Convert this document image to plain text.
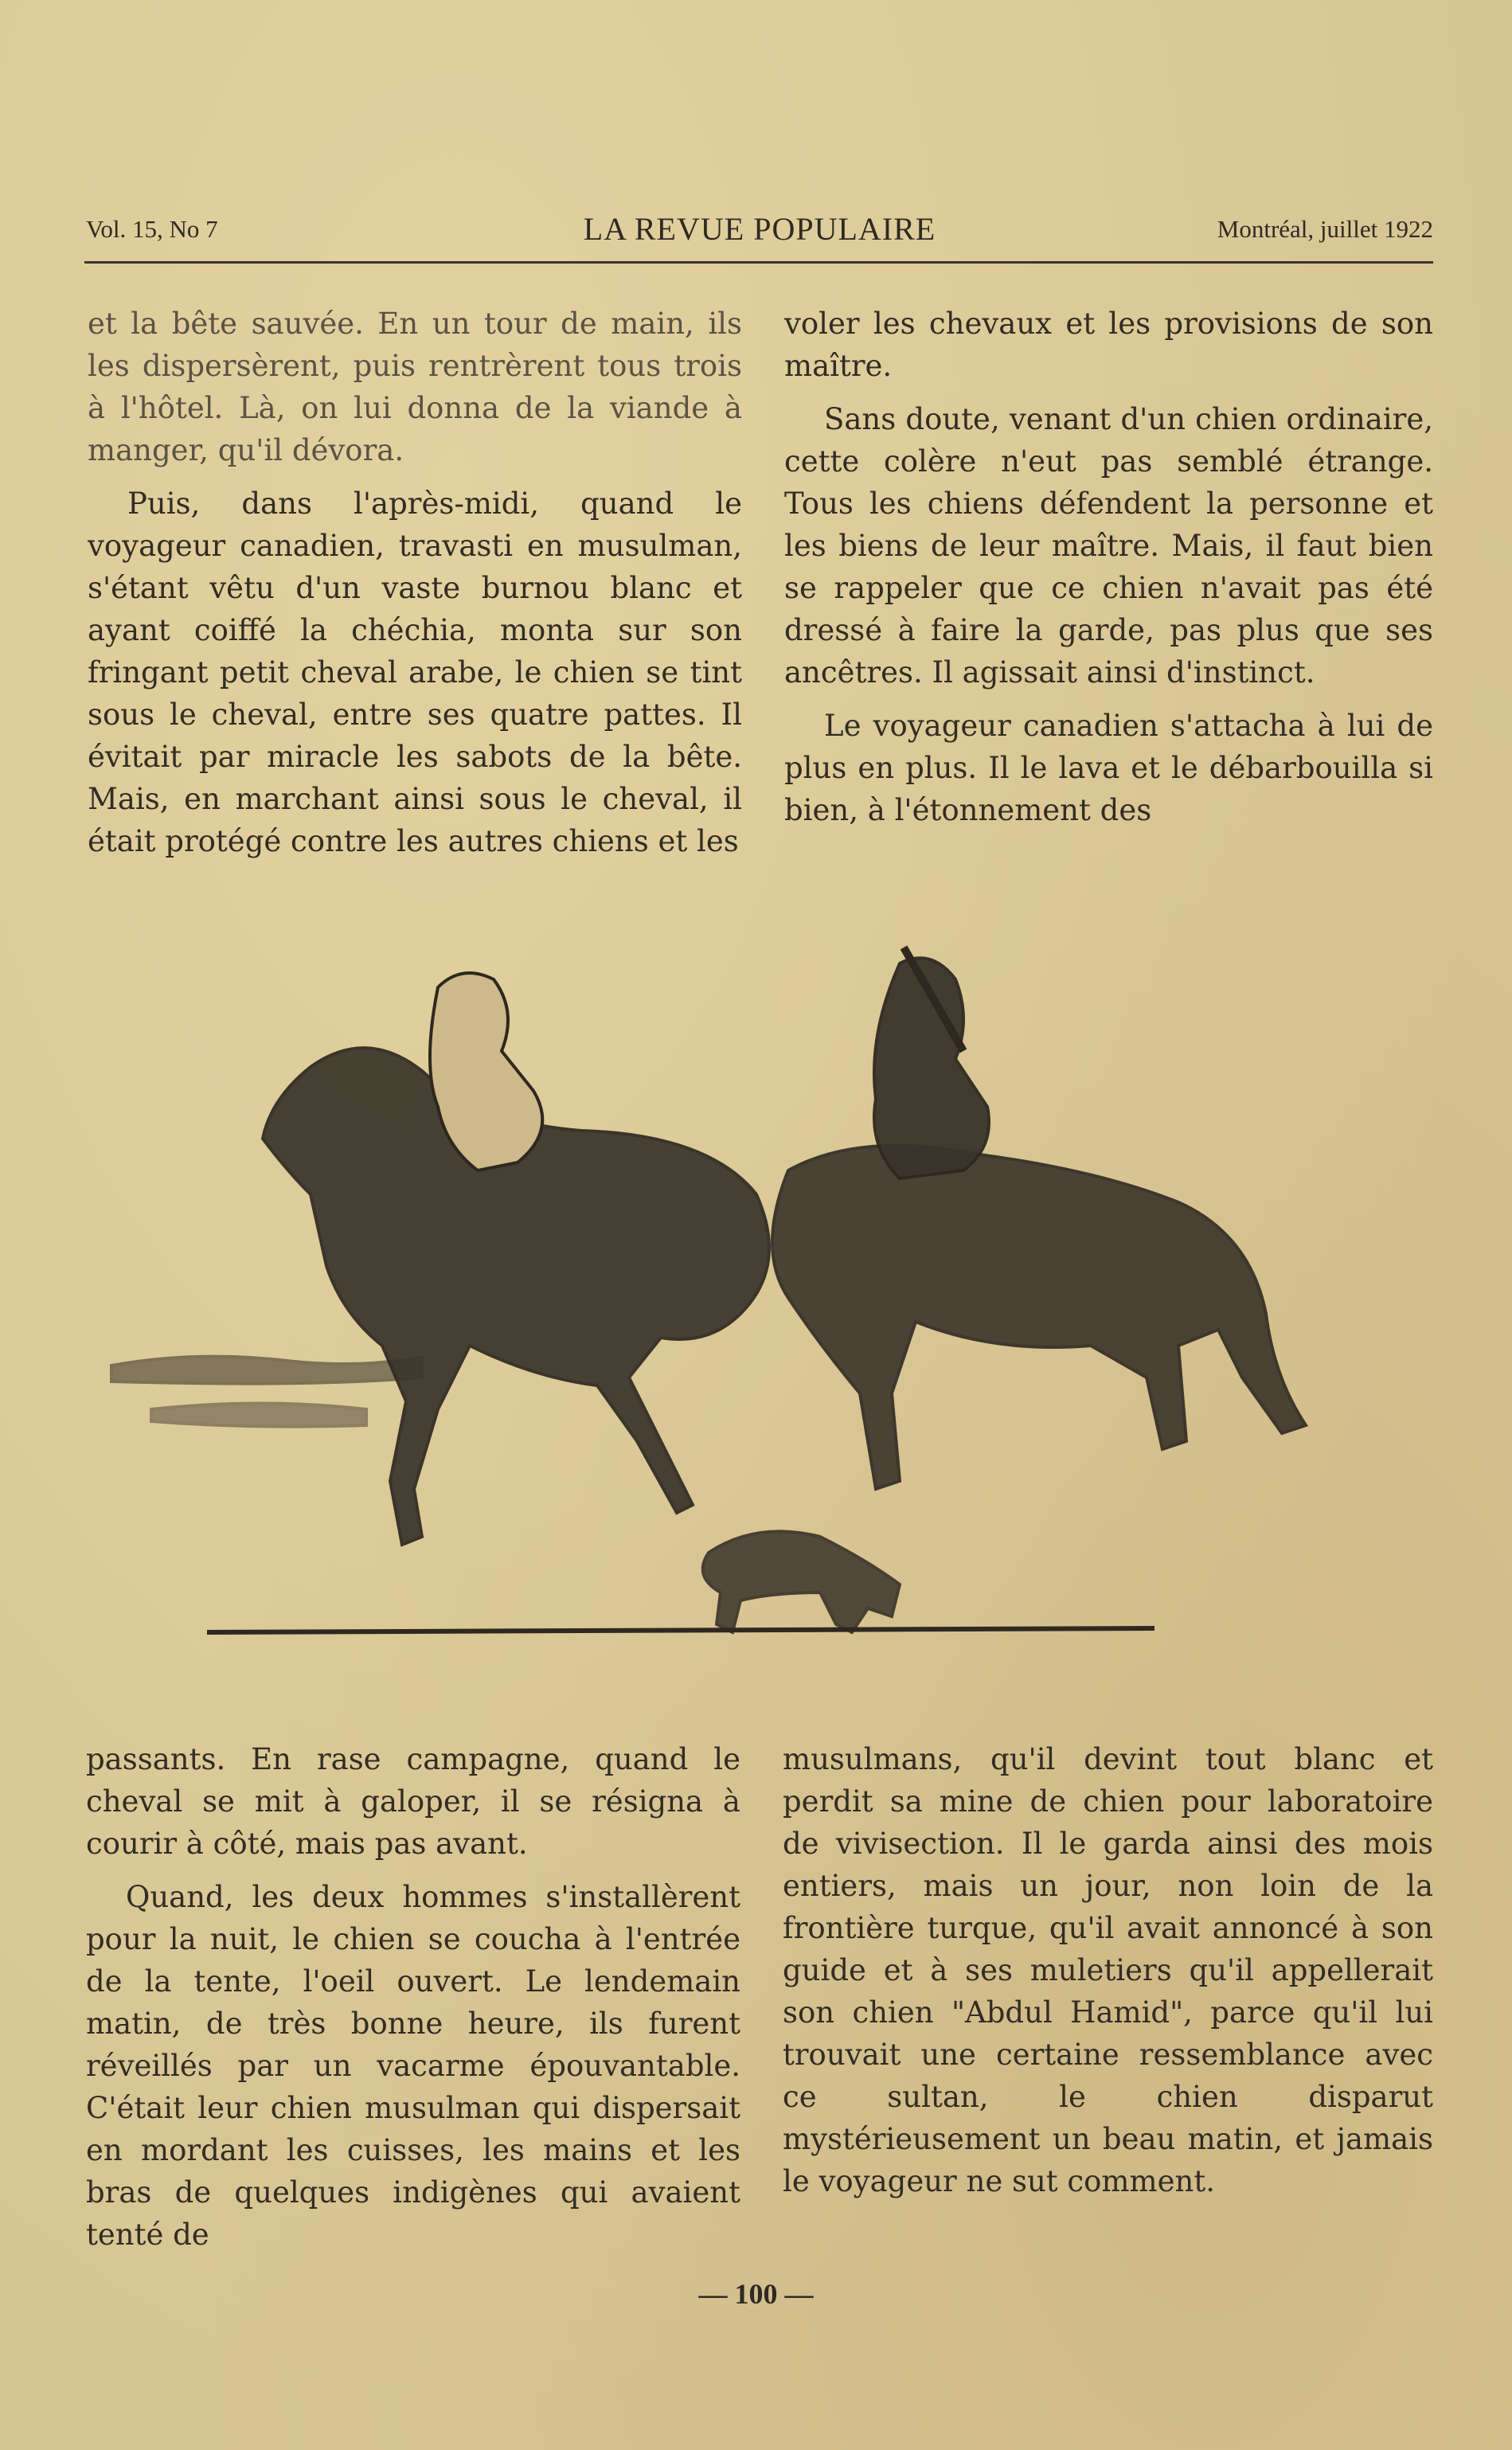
Vol. 15, No 7	LA REVUE POPULAIRE	Montréal, juillet 1922

et la bête sauvée. En un tour de main, ils les dispersèrent, puis rentrèrent tous trois à l'hôtel. Là, on lui donna de la viande à manger, qu'il dévora.

Puis, dans l'après-midi, quand le voyageur canadien, travasti en musulman, s'étant vêtu d'un vaste burnou blanc et ayant coiffé la chéchia, monta sur son fringant petit cheval arabe, le chien se tint sous le cheval, entre ses quatre pattes. Il évitait par miracle les sabots de la bête. Mais, en marchant ainsi sous le cheval, il était protégé contre les autres chiens et les

voler les chevaux et les provisions de son maître.

Sans doute, venant d'un chien ordinaire, cette colère n'eut pas semblé étrange. Tous les chiens défendent la personne et les biens de leur maître. Mais, il faut bien se rappeler que ce chien n'avait pas été dressé à faire la garde, pas plus que ses ancêtres. Il agissait ainsi d'instinct.

Le voyageur canadien s'attacha à lui de plus en plus. Il le lava et le débarbouilla si bien, à l'étonnement des

passants. En rase campagne, quand le cheval se mit à galoper, il se résigna à courir à côté, mais pas avant.

Quand, les deux hommes s'installèrent pour la nuit, le chien se coucha à l'entrée de la tente, l'oeil ouvert. Le lendemain matin, de très bonne heure, ils furent réveillés par un vacarme épouvantable. C'était leur chien musulman qui dispersait en mordant les cuisses, les mains et les bras de quelques indigènes qui avaient tenté de

musulmans, qu'il devint tout blanc et perdit sa mine de chien pour laboratoire de vivisection. Il le garda ainsi des mois entiers, mais un jour, non loin de la frontière turque, qu'il avait annoncé à son guide et à ses muletiers qu'il appellerait son chien "Abdul Hamid", parce qu'il lui trouvait une certaine ressemblance avec ce sultan, le chien disparut mystérieusement un beau matin, et jamais le voyageur ne sut comment.

— 100 —
